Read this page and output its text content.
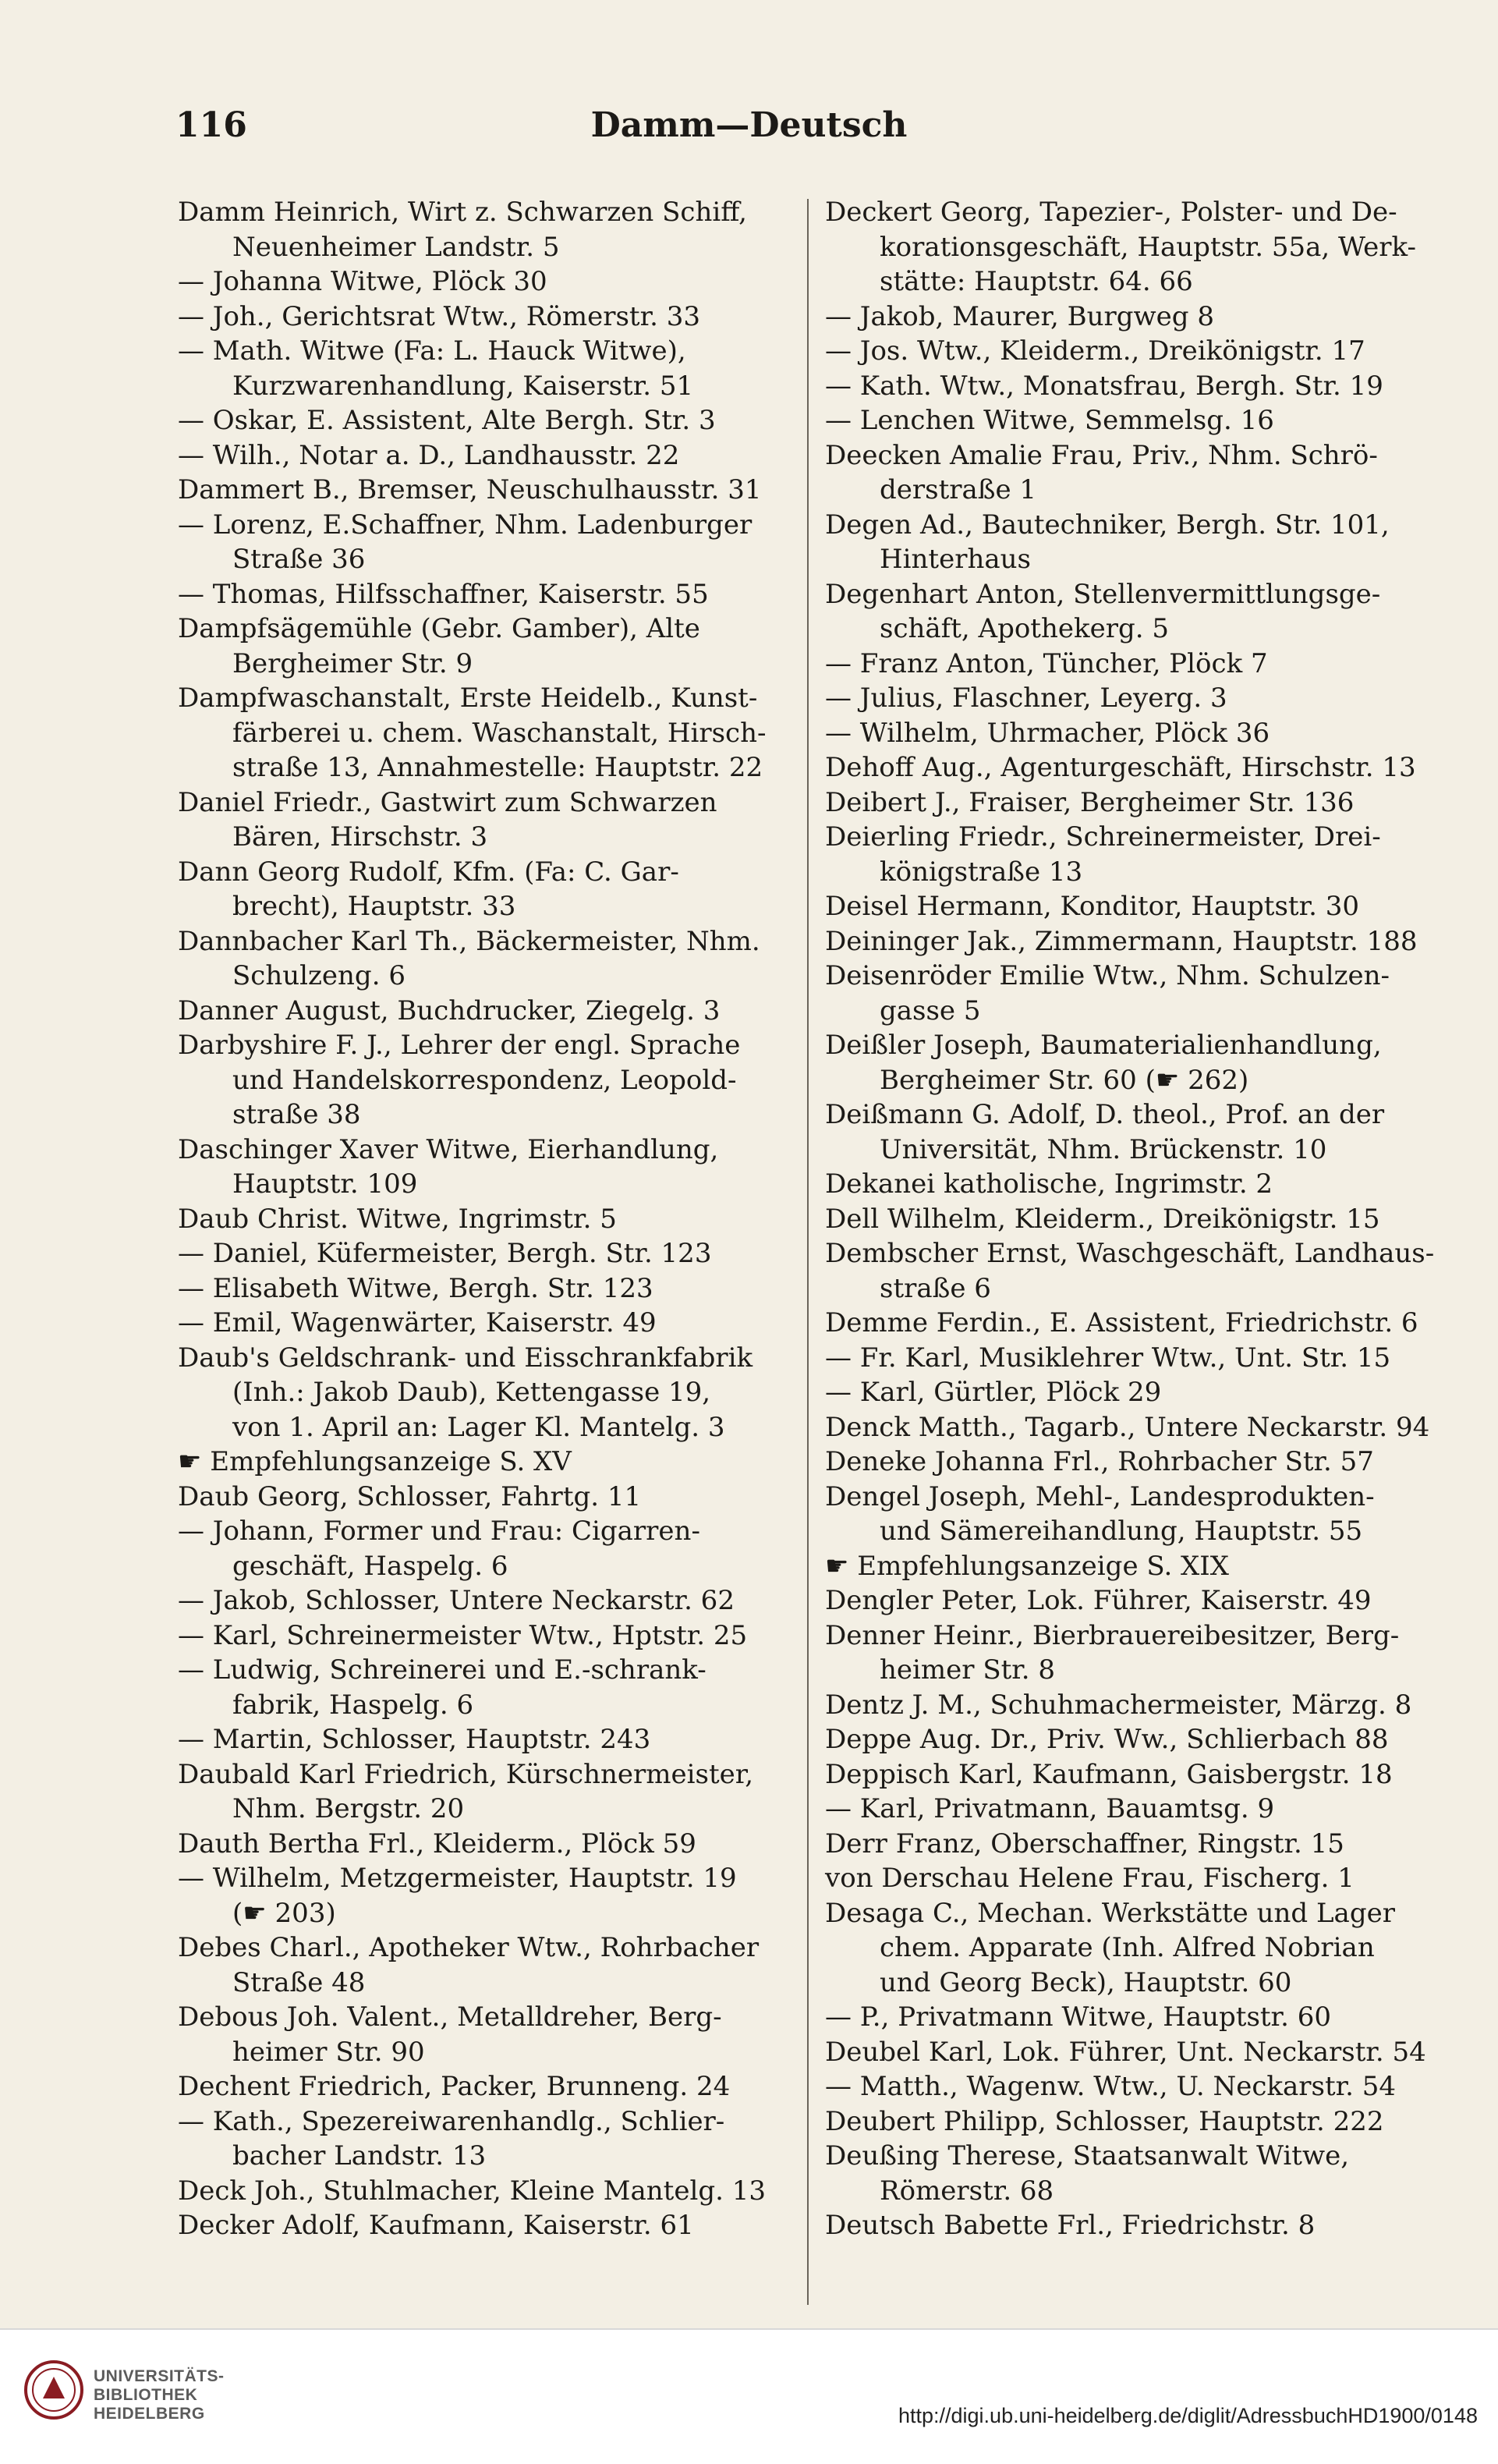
116	Damm—Deutsch
Damm Heinrich, Wirt z. Schwarzen Schiff,
Neuenheimer Landstr. 5
— Johanna Witwe, Plöck 30
— Joh., Gerichtsrat Wtw., Römerstr. 33
— Math. Witwe (Fa: L. Hauck Witwe),
Kurzwarenhandlung, Kaiserstr. 51
— Oskar, E. Assistent, Alte Bergh. Str. 3
— Wilh., Notar a. D., Landhausstr. 22
Dammert B., Bremser, Neuschulhausstr. 31
— Lorenz, E.Schaffner, Nhm. Ladenburger
Straße 36
— Thomas, Hilfsschaffner, Kaiserstr. 55
Dampfsägemühle (Gebr. Gamber), Alte
Bergheimer Str. 9
Dampfwaschanstalt, Erste Heidelb., Kunst-
färberei u. chem. Waschanstalt, Hirsch-
straße 13, Annahmestelle: Hauptstr. 22
Daniel Friedr., Gastwirt zum Schwarzen
Bären, Hirschstr. 3
Dann Georg Rudolf, Kfm. (Fa: C. Gar-
brecht), Hauptstr. 33
Dannbacher Karl Th., Bäckermeister, Nhm.
Schulzeng. 6
Danner August, Buchdrucker, Ziegelg. 3
Darbyshire F. J., Lehrer der engl. Sprache
und Handelskorrespondenz, Leopold-
straße 38
Daschinger Xaver Witwe, Eierhandlung,
Hauptstr. 109
Daub Christ. Witwe, Ingrimstr. 5
— Daniel, Küfermeister, Bergh. Str. 123
— Elisabeth Witwe, Bergh. Str. 123
— Emil, Wagenwärter, Kaiserstr. 49
Daub's Geldschrank- und Eisschrankfabrik
(Inh.: Jakob Daub), Kettengasse 19,
von 1. April an: Lager Kl. Mantelg. 3
☛ Empfehlungsanzeige S. XV
Daub Georg, Schlosser, Fahrtg. 11
— Johann, Former und Frau: Cigarren-
geschäft, Haspelg. 6
— Jakob, Schlosser, Untere Neckarstr. 62
— Karl, Schreinermeister Wtw., Hptstr. 25
— Ludwig, Schreinerei und E.-schrank-
fabrik, Haspelg. 6
— Martin, Schlosser, Hauptstr. 243
Daubald Karl Friedrich, Kürschnermeister,
Nhm. Bergstr. 20
Dauth Bertha Frl., Kleiderm., Plöck 59
— Wilhelm, Metzgermeister, Hauptstr. 19
(☛ 203)
Debes Charl., Apotheker Wtw., Rohrbacher
Straße 48
Debous Joh. Valent., Metalldreher, Berg-
heimer Str. 90
Dechent Friedrich, Packer, Brunneng. 24
— Kath., Spezereiwarenhandlg., Schlier-
bacher Landstr. 13
Deck Joh., Stuhlmacher, Kleine Mantelg. 13
Decker Adolf, Kaufmann, Kaiserstr. 61
Deckert Georg, Tapezier-, Polster- und De-
korationsgeschäft, Hauptstr. 55a, Werk-
stätte: Hauptstr. 64. 66
— Jakob, Maurer, Burgweg 8
— Jos. Wtw., Kleiderm., Dreikönigstr. 17
— Kath. Wtw., Monatsfrau, Bergh. Str. 19
— Lenchen Witwe, Semmelsg. 16
Deecken Amalie Frau, Priv., Nhm. Schrö-
derstraße 1
Degen Ad., Bautechniker, Bergh. Str. 101,
Hinterhaus
Degenhart Anton, Stellenvermittlungsge-
schäft, Apothekerg. 5
— Franz Anton, Tüncher, Plöck 7
— Julius, Flaschner, Leyerg. 3
— Wilhelm, Uhrmacher, Plöck 36
Dehoff Aug., Agenturgeschäft, Hirschstr. 13
Deibert J., Fraiser, Bergheimer Str. 136
Deierling Friedr., Schreinermeister, Drei-
königstraße 13
Deisel Hermann, Konditor, Hauptstr. 30
Deininger Jak., Zimmermann, Hauptstr. 188
Deisenröder Emilie Wtw., Nhm. Schulzen-
gasse 5
Deißler Joseph, Baumaterialienhandlung,
Bergheimer Str. 60 (☛ 262)
Deißmann G. Adolf, D. theol., Prof. an der
Universität, Nhm. Brückenstr. 10
Dekanei katholische, Ingrimstr. 2
Dell Wilhelm, Kleiderm., Dreikönigstr. 15
Dembscher Ernst, Waschgeschäft, Landhaus-
straße 6
Demme Ferdin., E. Assistent, Friedrichstr. 6
— Fr. Karl, Musiklehrer Wtw., Unt. Str. 15
— Karl, Gürtler, Plöck 29
Denck Matth., Tagarb., Untere Neckarstr. 94
Deneke Johanna Frl., Rohrbacher Str. 57
Dengel Joseph, Mehl-, Landesprodukten-
und Sämereihandlung, Hauptstr. 55
☛ Empfehlungsanzeige S. XIX
Dengler Peter, Lok. Führer, Kaiserstr. 49
Denner Heinr., Bierbrauereibesitzer, Berg-
heimer Str. 8
Dentz J. M., Schuhmachermeister, Märzg. 8
Deppe Aug. Dr., Priv. Ww., Schlierbach 88
Deppisch Karl, Kaufmann, Gaisbergstr. 18
— Karl, Privatmann, Bauamtsg. 9
Derr Franz, Oberschaffner, Ringstr. 15
von Derschau Helene Frau, Fischerg. 1
Desaga C., Mechan. Werkstätte und Lager
chem. Apparate (Inh. Alfred Nobrian
und Georg Beck), Hauptstr. 60
— P., Privatmann Witwe, Hauptstr. 60
Deubel Karl, Lok. Führer, Unt. Neckarstr. 54
— Matth., Wagenw. Wtw., U. Neckarstr. 54
Deubert Philipp, Schlosser, Hauptstr. 222
Deußing Therese, Staatsanwalt Witwe,
Römerstr. 68
Deutsch Babette Frl., Friedrichstr. 8
UNIVERSITÄTS-
BIBLIOTHEK
HEIDELBERG	http://digi.ub.uni-heidelberg.de/diglit/AdressbuchHD1900/0148
